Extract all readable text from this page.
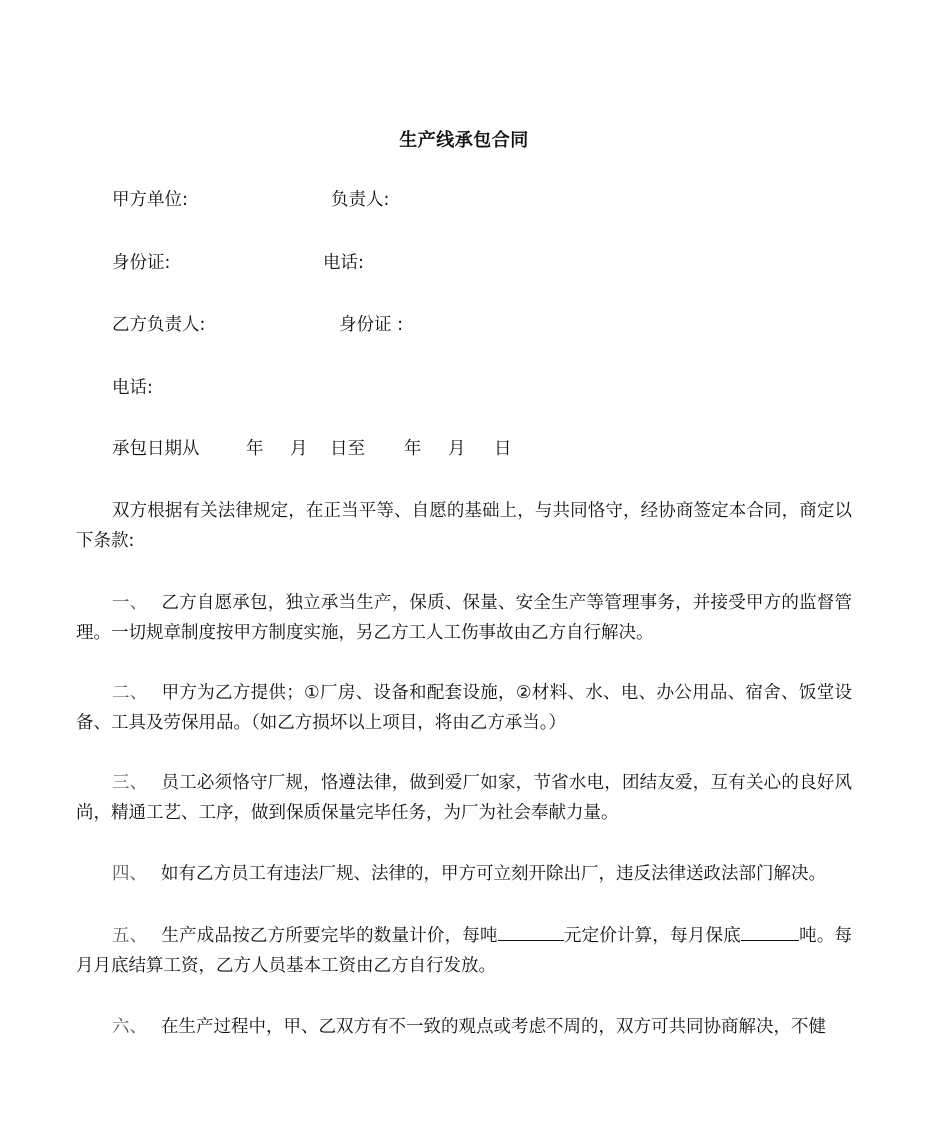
生产线承包合同
甲方单位:	负责人:
身份证:	电话:
乙方负责人:	身份证 :
电话:
承包日期从	年 月 日至 年 月 日
双方根据有关法律规定，在正当平等、自愿的基础上，与共同恪守，经协商签定本合同，商定以下条款:
一、 乙方自愿承包，独立承当生产，保质、保量、安全生产等管理事务，并接受甲方的监督管理。一切规章制度按甲方制度实施，另乙方工人工伤事故由乙方自行解决。
二、 甲方为乙方提供；①厂房、设备和配套设施，②材料、水、电、办公用品、宿舍、饭堂设备、工具及劳保用品。（如乙方损坏以上项目，将由乙方承当。）
三、 员工必须恪守厂规，恪遵法律，做到爱厂如家，节省水电，团结友爱，互有关心的良好风尚，精通工艺、工序，做到保质保量完毕任务，为厂为社会奉献力量。
四、 如有乙方员工有违法厂规、法律的，甲方可立刻开除出厂，违反法律送政法部门解决。
五、 生产成品按乙方所要完毕的数量计价，每吨	元定价计算，每月保底	吨。每月月底结算工资，乙方人员基本工资由乙方自行发放。
六、 在生产过程中，甲、乙双方有不一致的观点或考虑不周的，双方可共同协商解决，不健
